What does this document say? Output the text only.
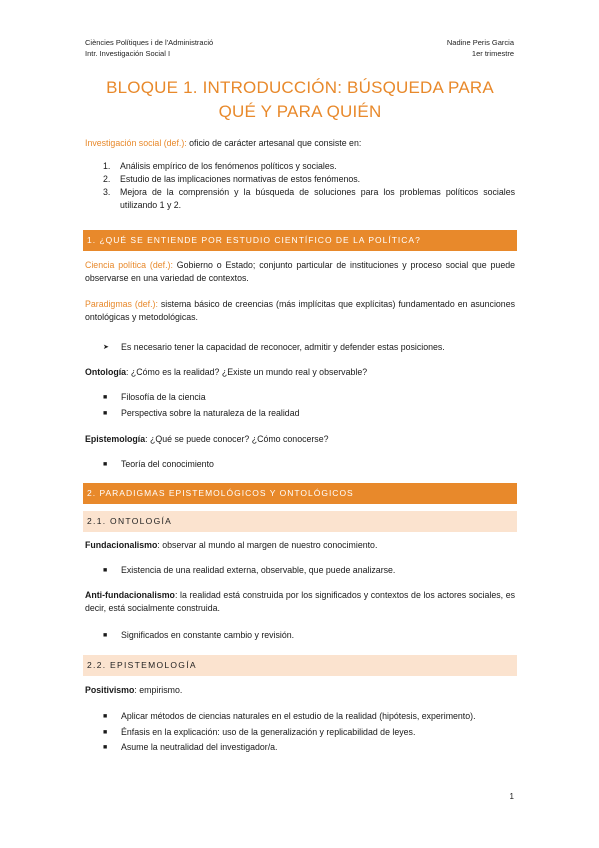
Ciències Polítiques i de l'Administració
Intr. Investigación Social I
Nadine Peris Garcia
1er trimestre
BLOQUE 1. INTRODUCCIÓN: BÚSQUEDA PARA
QUÉ Y PARA QUIÉN
Investigación social (def.): oficio de carácter artesanal que consiste en:
1.	Análisis empírico de los fenómenos políticos y sociales.
2.	Estudio de las implicaciones normativas de estos fenómenos.
3.	Mejora de la comprensión y la búsqueda de soluciones para los problemas políticos sociales utilizando 1 y 2.
1. ¿QUÉ SE ENTIENDE POR ESTUDIO CIENTÍFICO DE LA POLÍTICA?
Ciencia política (def.): Gobierno o Estado; conjunto particular de instituciones y proceso social que puede observarse en una variedad de contextos.
Paradigmas (def.): sistema básico de creencias (más implícitas que explícitas) fundamentado en asunciones ontológicas y metodológicas.
➤	Es necesario tener la capacidad de reconocer, admitir y defender estas posiciones.
Ontología: ¿Cómo es la realidad? ¿Existe un mundo real y observable?
■	Filosofía de la ciencia
■	Perspectiva sobre la naturaleza de la realidad
Epistemología: ¿Qué se puede conocer? ¿Cómo conocerse?
■	Teoría del conocimiento
2. PARADIGMAS EPISTEMOLÓGICOS Y ONTOLÓGICOS
2.1. ONTOLOGÍA
Fundacionalismo: observar al mundo al margen de nuestro conocimiento.
■	Existencia de una realidad externa, observable, que puede analizarse.
Anti-fundacionalismo: la realidad está construida por los significados y contextos de los actores sociales, es decir, está socialmente construida.
■	Significados en constante cambio y revisión.
2.2. EPISTEMOLOGÍA
Positivismo: empirismo.
■	Aplicar métodos de ciencias naturales en el estudio de la realidad (hipótesis, experimento).
■	Énfasis en la explicación: uso de la generalización y replicabilidad de leyes.
■	Asume la neutralidad del investigador/a.
1
